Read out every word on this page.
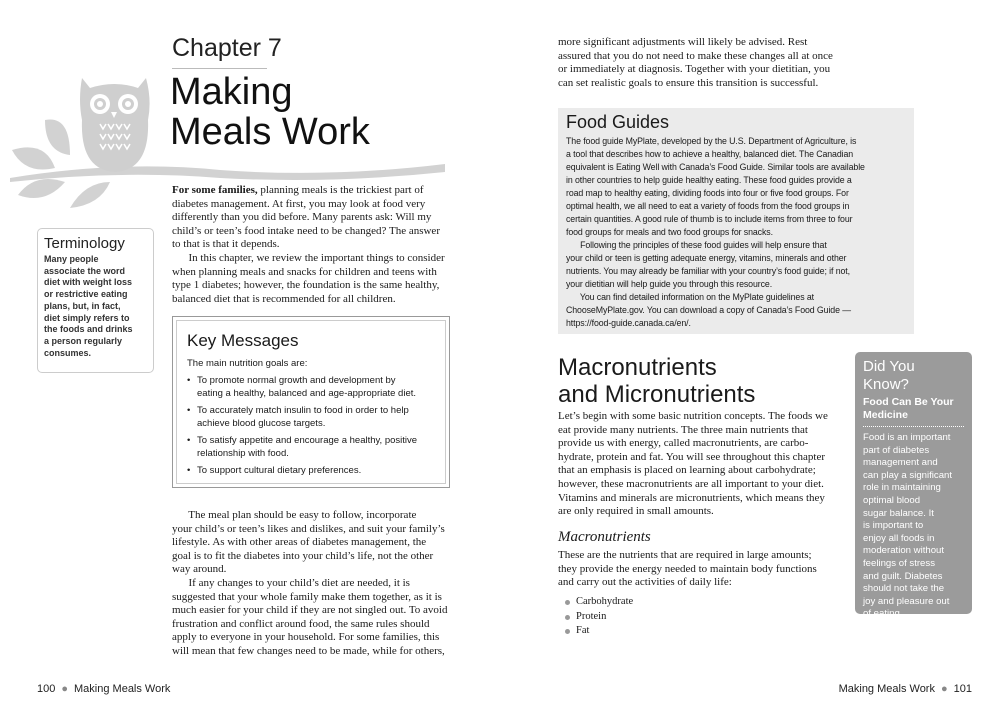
Chapter 7
Making
Meals Work
For some families, planning meals is the trickiest part of
diabetes management. At first, you may look at food very
differently than you did before. Many parents ask: Will my
child’s or teen’s food intake need to be changed? The answer
to that is that it depends.
In this chapter, we review the important things to consider
when planning meals and snacks for children and teens with
type 1 diabetes; however, the foundation is the same healthy,
balanced diet that is recommended for all children.
Terminology

Many people
associate the word
diet with weight loss
or restrictive eating
plans, but, in fact,
diet simply refers to
the foods and drinks
a person regularly
consumes.

Key Messages

The main nutrition goals are:

• To promote normal growth and development by
eating a healthy, balanced and age-appropriate diet.
• To accurately match insulin to food in order to help
achieve blood glucose targets.
• To satisfy appetite and encourage a healthy, positive
relationship with food.
• To support cultural dietary preferences.
The meal plan should be easy to follow, incorporate
your child’s or teen’s likes and dislikes, and suit your family’s
lifestyle. As with other areas of diabetes management, the
goal is to fit the diabetes into your child’s life, not the other
way around.
If any changes to your child’s diet are needed, it is
suggested that your whole family make them together, as it is
much easier for your child if they are not singled out. To avoid
frustration and conflict around food, the same rules should
apply to everyone in your household. For some families, this
will mean that few changes need to be made, while for others,
100 ● Making Meals Work
more significant adjustments will likely be advised. Rest
assured that you do not need to make these changes all at once
or immediately at diagnosis. Together with your dietitian, you
can set realistic goals to ensure this transition is successful.
Food Guides

The food guide MyPlate, developed by the U.S. Department of Agriculture, is
a tool that describes how to achieve a healthy, balanced diet. The Canadian
equivalent is Eating Well with Canada’s Food Guide. Similar tools are available
in other countries to help guide healthy eating. These food guides provide a
road map to healthy eating, dividing foods into four or five food groups. For
optimal health, we all need to eat a variety of foods from the food groups in
certain quantities. A good rule of thumb is to include items from three to four
food groups for meals and two food groups for snacks.
Following the principles of these food guides will help ensure that
your child or teen is getting adequate energy, vitamins, minerals and other
nutrients. You may already be familiar with your country’s food guide; if not,
your dietitian will help guide you through this resource.
You can find detailed information on the MyPlate guidelines at
ChooseMyPlate.gov. You can download a copy of Canada’s Food Guide —
https://food-guide.canada.ca/en/.

Macronutrients
and Micronutrients
Let’s begin with some basic nutrition concepts. The foods we
eat provide many nutrients. The three main nutrients that
provide us with energy, called macronutrients, are carbo-
hydrate, protein and fat. You will see throughout this chapter
that an emphasis is placed on learning about carbohydrate;
however, these macronutrients are all important to your diet.
Vitamins and minerals are micronutrients, which means they
are only required in small amounts.
Macronutrients
These are the nutrients that are required in large amounts;
they provide the energy needed to maintain body functions
and carry out the activities of daily life:
Carbohydrate
Protein
Fat
Did You Know?
Food Can Be Your Medicine

Food is an important
part of diabetes
management and
can play a significant
role in maintaining
optimal blood
sugar balance. It
is important to
enjoy all foods in
moderation without
feelings of stress
and guilt. Diabetes
should not take the
joy and pleasure out
of eating.

Making Meals Work ● 101
